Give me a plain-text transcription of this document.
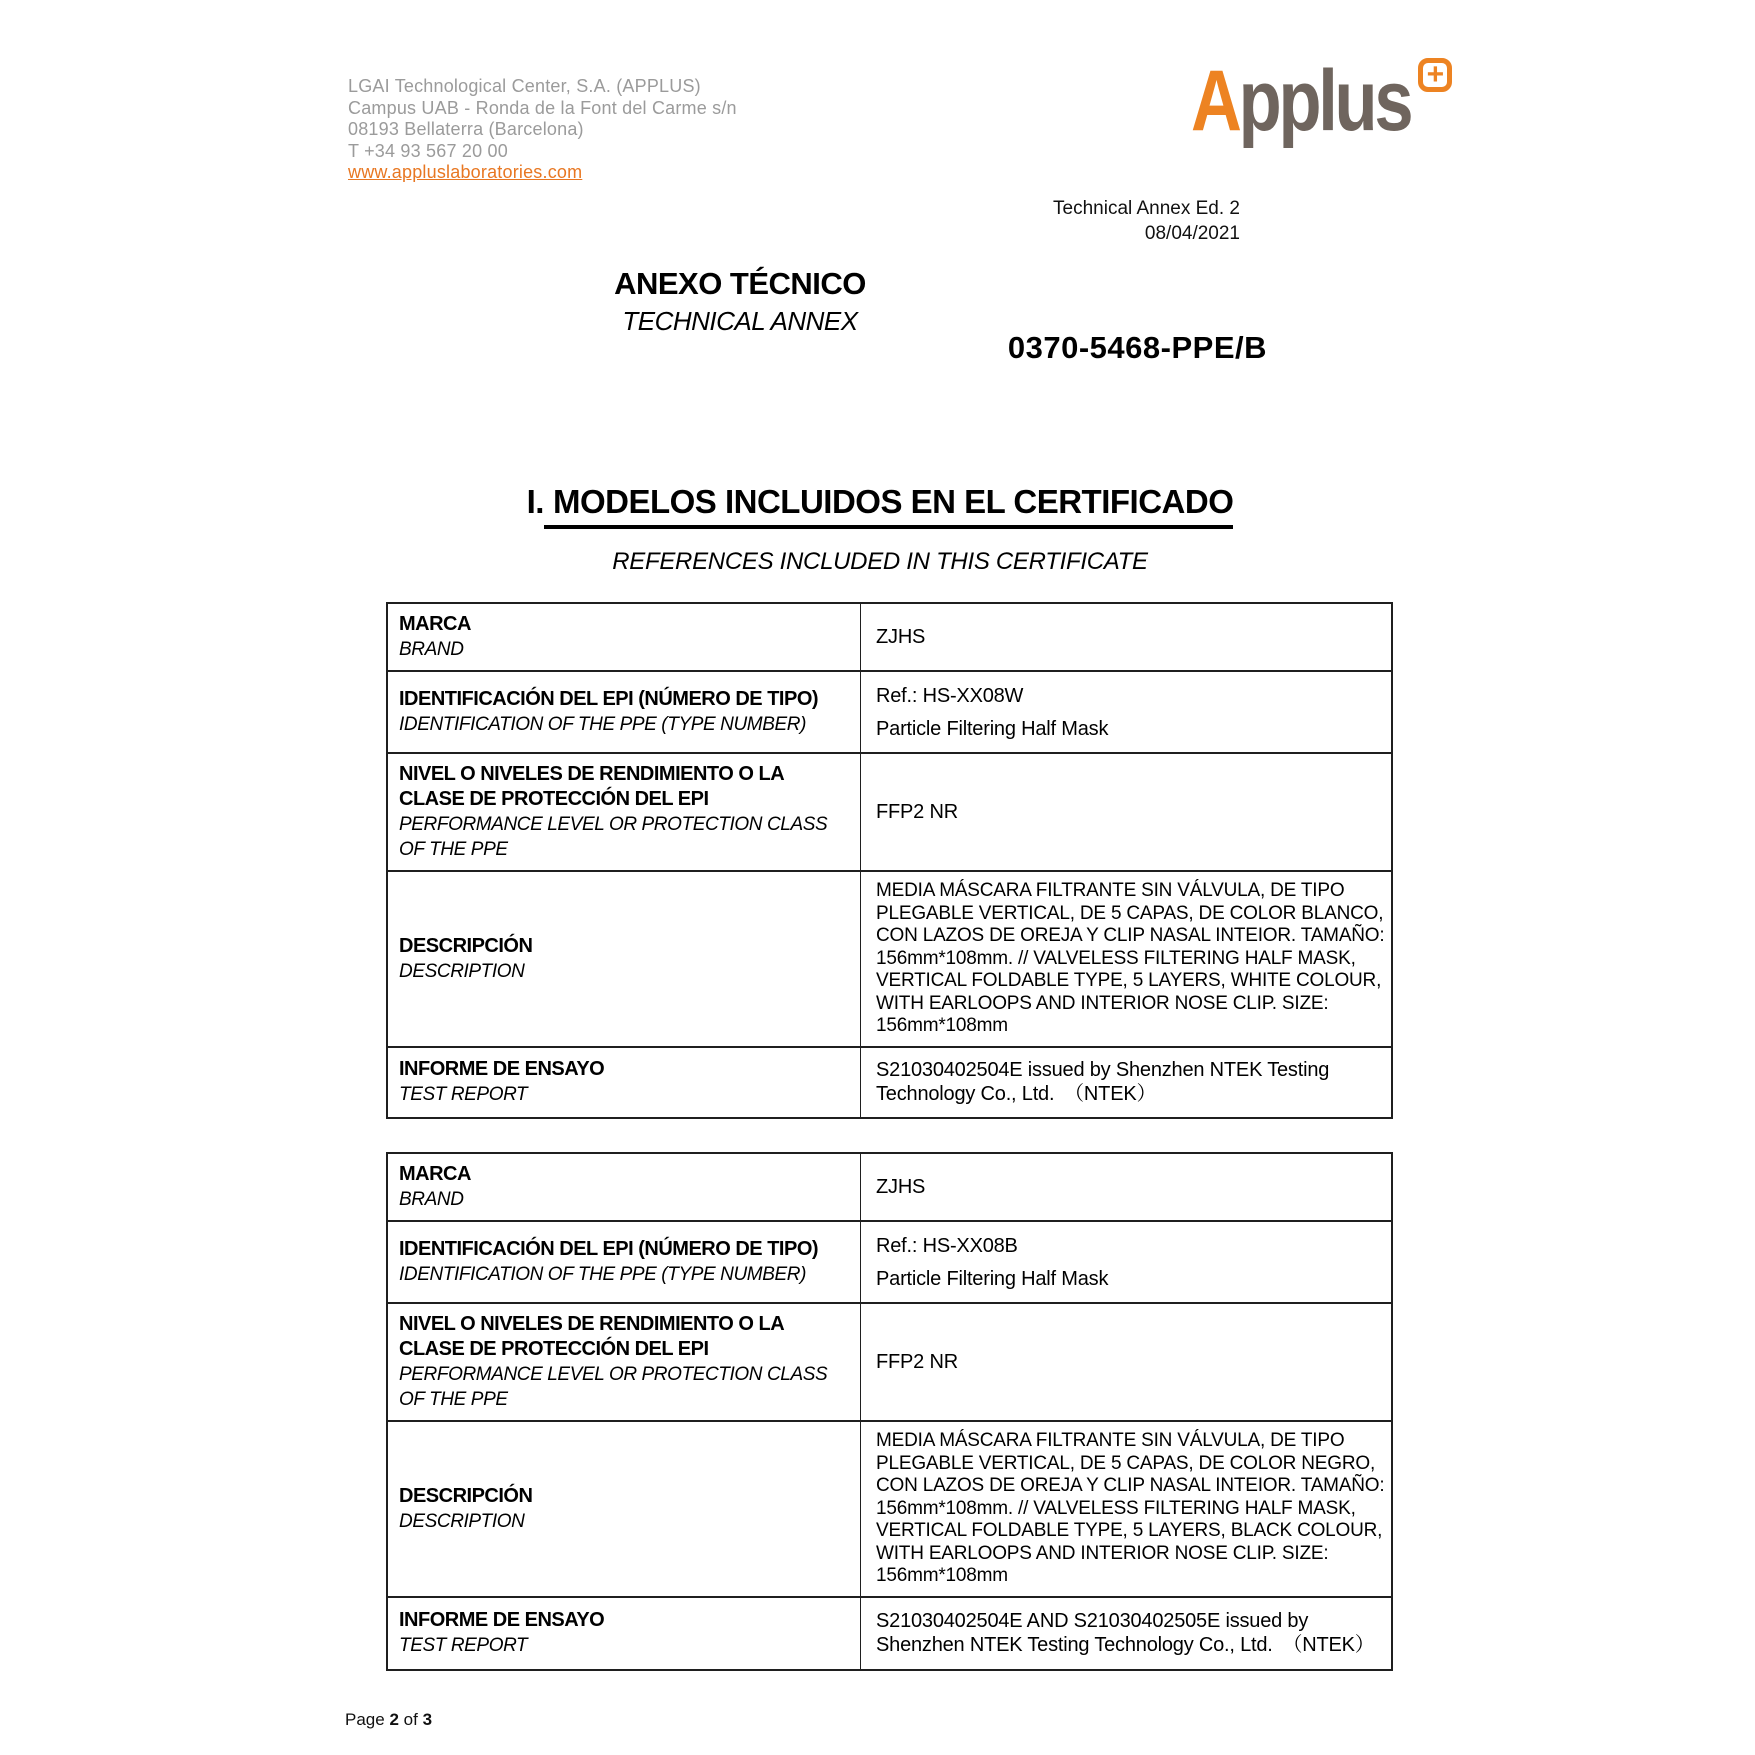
LGAI Technological Center, S.A. (APPLUS)
Campus UAB - Ronda de la Font del Carme s/n
08193 Bellaterra (Barcelona)
T +34 93 567 20 00
www.appluslaboratories.com
Applus +
Technical Annex Ed. 2
08/04/2021
ANEXO TÉCNICO
TECHNICAL ANNEX
0370-5468-PPE/B
I. MODELOS INCLUIDOS EN EL CERTIFICADO
REFERENCES INCLUDED IN THIS CERTIFICATE
MARCA
BRAND
ZJHS
IDENTIFICACIÓN DEL EPI (NÚMERO DE TIPO)
IDENTIFICATION OF THE PPE (TYPE NUMBER)
Ref.: HS-XX08W
Particle Filtering Half Mask
NIVEL O NIVELES DE RENDIMIENTO O LA CLASE DE PROTECCIÓN DEL EPI
PERFORMANCE LEVEL OR PROTECTION CLASS OF THE PPE
FFP2 NR
DESCRIPCIÓN
DESCRIPTION
MEDIA MÁSCARA FILTRANTE SIN VÁLVULA, DE TIPO PLEGABLE VERTICAL, DE 5 CAPAS, DE COLOR BLANCO, CON LAZOS DE OREJA Y CLIP NASAL INTEIOR. TAMAÑO: 156mm*108mm. // VALVELESS FILTERING HALF MASK, VERTICAL FOLDABLE TYPE, 5 LAYERS, WHITE COLOUR, WITH EARLOOPS AND INTERIOR NOSE CLIP. SIZE: 156mm*108mm
INFORME DE ENSAYO
TEST REPORT
S21030402504E issued by Shenzhen NTEK Testing Technology Co., Ltd.　（NTEK）
MARCA
BRAND
ZJHS
IDENTIFICACIÓN DEL EPI (NÚMERO DE TIPO)
IDENTIFICATION OF THE PPE (TYPE NUMBER)
Ref.: HS-XX08B
Particle Filtering Half Mask
NIVEL O NIVELES DE RENDIMIENTO O LA CLASE DE PROTECCIÓN DEL EPI
PERFORMANCE LEVEL OR PROTECTION CLASS OF THE PPE
FFP2 NR
DESCRIPCIÓN
DESCRIPTION
MEDIA MÁSCARA FILTRANTE SIN VÁLVULA, DE TIPO PLEGABLE VERTICAL, DE 5 CAPAS, DE COLOR NEGRO, CON LAZOS DE OREJA Y CLIP NASAL INTEIOR. TAMAÑO: 156mm*108mm. // VALVELESS FILTERING HALF MASK, VERTICAL FOLDABLE TYPE, 5 LAYERS, BLACK COLOUR, WITH EARLOOPS AND INTERIOR NOSE CLIP. SIZE: 156mm*108mm
INFORME DE ENSAYO
TEST REPORT
S21030402504E AND S21030402505E issued by Shenzhen NTEK Testing Technology Co., Ltd.　（NTEK）
Page 2 of 3
